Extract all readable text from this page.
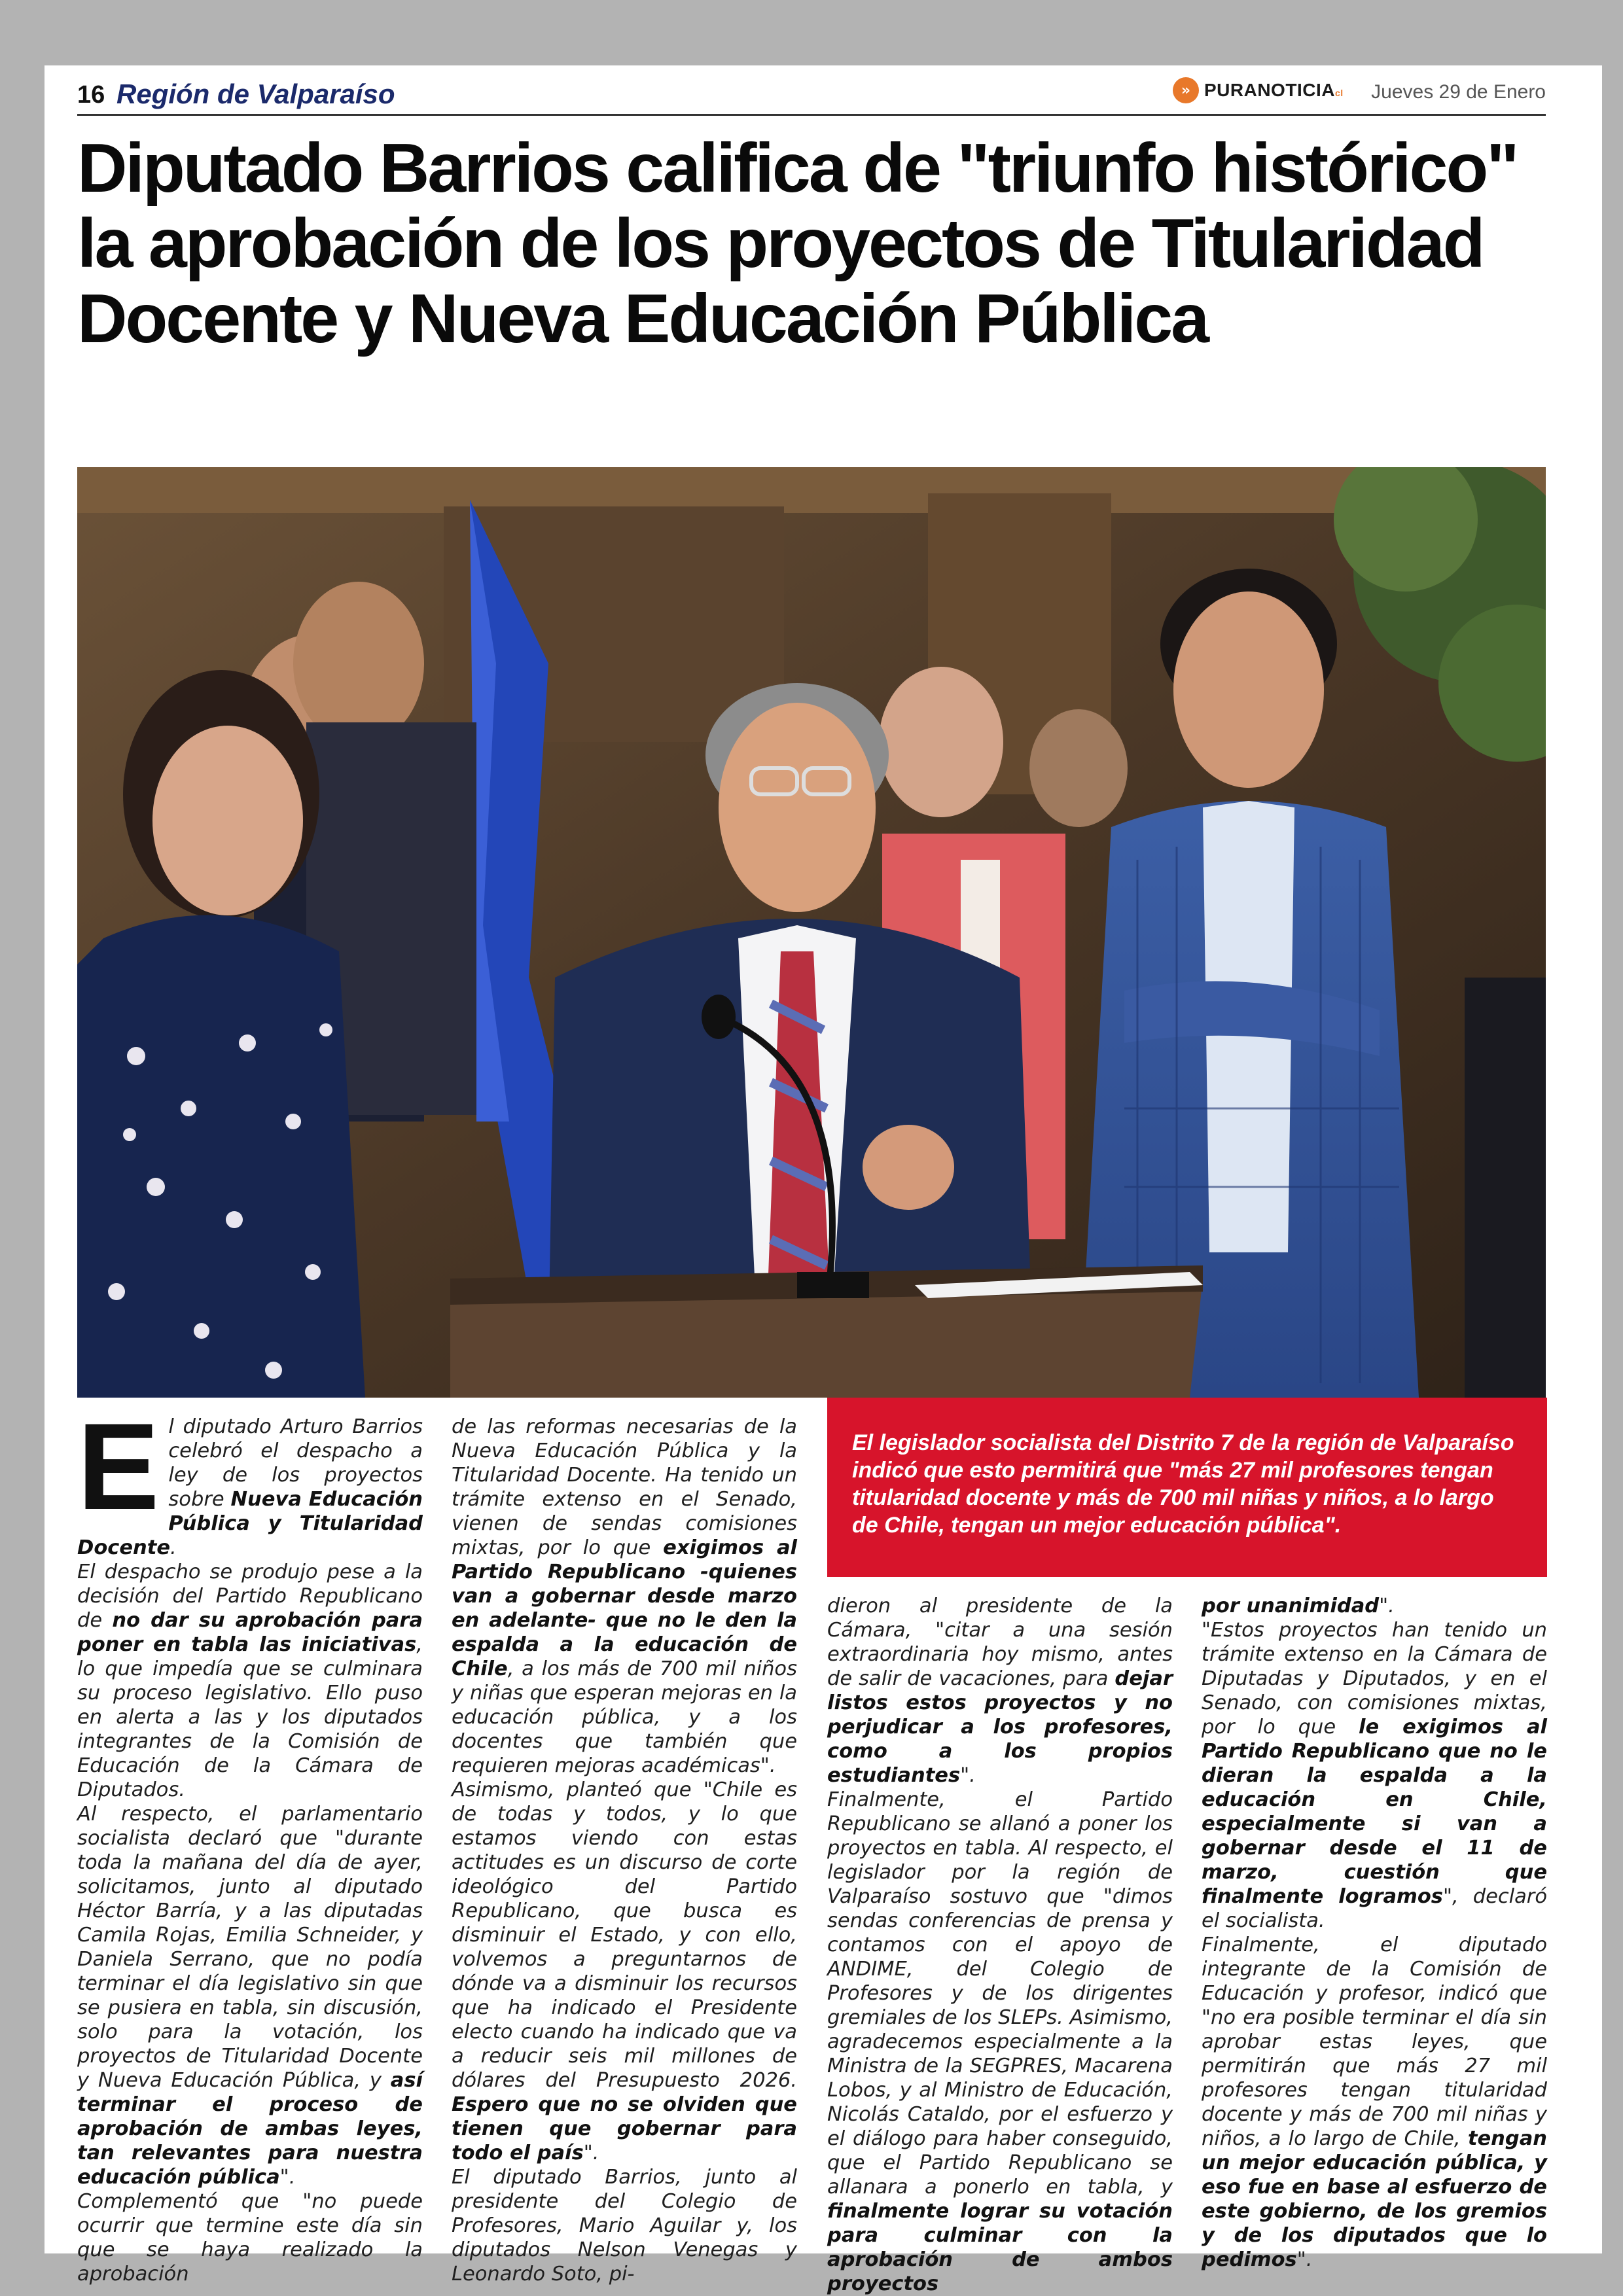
16 Región de Valparaíso	» PURANOTICIAcl Jueves 29 de Enero
Diputado Barrios califica de "triunfo histórico" la aprobación de los proyectos de Titularidad Docente y Nueva Educación Pública

El legislador socialista del Distrito 7 de la región de Valparaíso indicó que esto permitirá que "más 27 mil profesores tengan titularidad docente y más de 700 mil niñas y niños, a lo largo de Chile, tengan un mejor educación pública".

E l diputado Arturo Barrios celebró el despacho a ley de los proyectos sobre Nueva Educación Pública y Titularidad Docente.

El despacho se produjo pese a la decisión del Partido Republicano de no dar su aprobación para poner en tabla las iniciativas, lo que impedía que se culminara su proceso legislativo. Ello puso en alerta a las y los diputados integrantes de la Comisión de Educación de la Cámara de Diputados.

Al respecto, el parlamentario socialista declaró que "durante toda la mañana del día de ayer, solicitamos, junto al diputado Héctor Barría, y a las diputadas Camila Rojas, Emilia Schneider, y Daniela Serrano, que no podía terminar el día legislativo sin que se pusiera en tabla, sin discusión, solo para la votación, los proyectos de Titularidad Docente y Nueva Educación Pública, y así terminar el proceso de aprobación de ambas leyes, tan relevantes para nuestra educación pública".

Complementó que "no puede ocurrir que termine este día sin que se haya realizado la aprobación

de las reformas necesarias de la Nueva Educación Pública y la Titularidad Docente. Ha tenido un trámite extenso en el Senado, vienen de sendas comisiones mixtas, por lo que exigimos al Partido Republicano -quienes van a gobernar desde marzo en adelante- que no le den la espalda a la educación de Chile, a los más de 700 mil niños y niñas que esperan mejoras en la educación pública, y a los docentes que también que requieren mejoras académicas".

Asimismo, planteó que "Chile es de todas y todos, y lo que estamos viendo con estas actitudes es un discurso de corte ideológico del Partido Republicano, que busca es disminuir el Estado, y con ello, volvemos a preguntarnos de dónde va a disminuir los recursos que ha indicado el Presidente electo cuando ha indicado que va a reducir seis mil millones de dólares del Presupuesto 2026. Espero que no se olviden que tienen que gobernar para todo el país".

El diputado Barrios, junto al presidente del Colegio de Profesores, Mario Aguilar y, los diputados Nelson Venegas y Leonardo Soto, pi-

dieron al presidente de la Cámara, "citar a una sesión extraordinaria hoy mismo, antes de salir de vacaciones, para dejar listos estos proyectos y no perjudicar a los profesores, como a los propios estudiantes".

Finalmente, el Partido Republicano se allanó a poner los proyectos en tabla. Al respecto, el legislador por la región de Valparaíso sostuvo que "dimos sendas conferencias de prensa y contamos con el apoyo de ANDIME, del Colegio de Profesores y de los dirigentes gremiales de los SLEPs. Asimismo, agradecemos especialmente a la Ministra de la SEGPRES, Macarena Lobos, y al Ministro de Educación, Nicolás Cataldo, por el esfuerzo y el diálogo para haber conseguido, que el Partido Republicano se allanara a ponerlo en tabla, y finalmente lograr su votación para culminar con la aprobación de ambos proyectos

por unanimidad".

"Estos proyectos han tenido un trámite extenso en la Cámara de Diputadas y Diputados, y en el Senado, con comisiones mixtas, por lo que le exigimos al Partido Republicano que no le dieran la espalda a la educación en Chile, especialmente si van a gobernar desde el 11 de marzo, cuestión que finalmente logramos", declaró el socialista.

Finalmente, el diputado integrante de la Comisión de Educación y profesor, indicó que "no era posible terminar el día sin aprobar estas leyes, que permitirán que más 27 mil profesores tengan titularidad docente y más de 700 mil niñas y niños, a lo largo de Chile, tengan un mejor educación pública, y eso fue en base al esfuerzo de este gobierno, de los gremios y de los diputados que lo pedimos".
